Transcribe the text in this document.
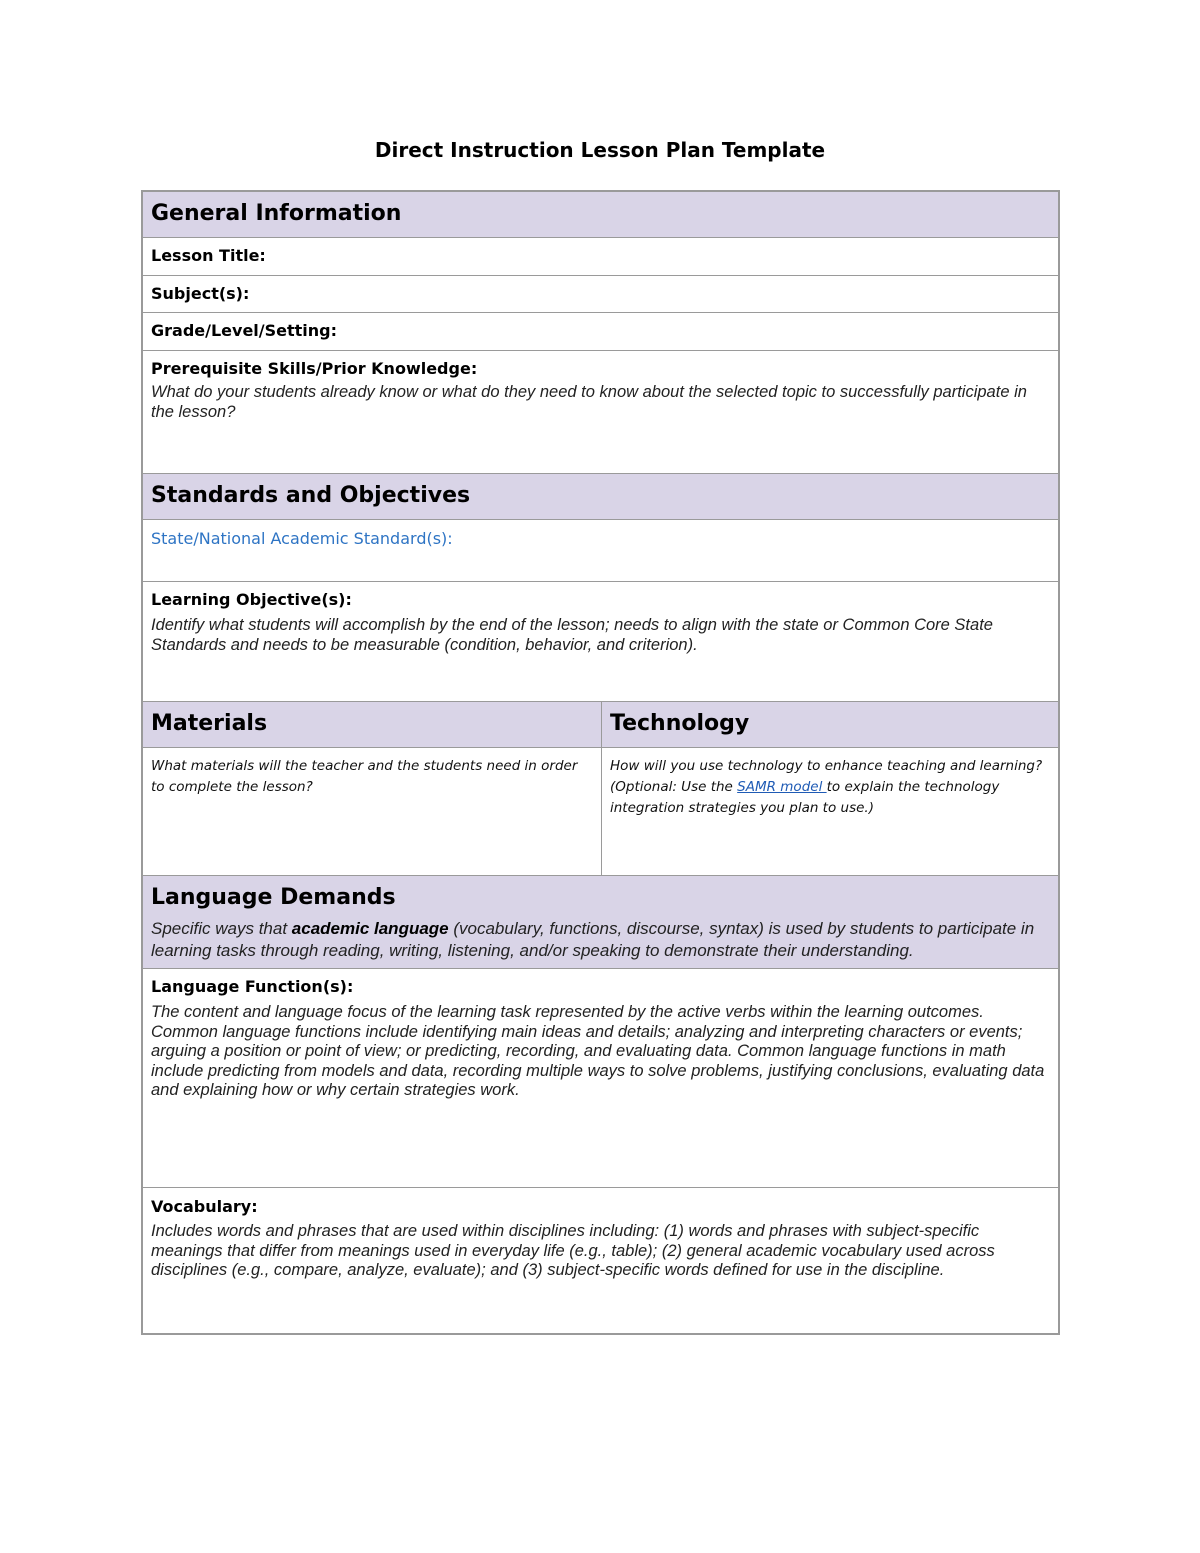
Direct Instruction Lesson Plan Template
General Information
Lesson Title:
Subject(s):
Grade/Level/Setting:
Prerequisite Skills/Prior Knowledge:
What do your students already know or what do they need to know about the selected topic to successfully participate in the lesson?
Standards and Objectives
State/National Academic Standard(s):
Learning Objective(s):
Identify what students will accomplish by the end of the lesson; needs to align with the state or Common Core State Standards and needs to be measurable (condition, behavior, and criterion).
Materials	Technology
What materials will the teacher and the students need in order to complete the lesson?
How will you use technology to enhance teaching and learning? (Optional: Use the SAMR model to explain the technology integration strategies you plan to use.)
Language Demands
Specific ways that academic language (vocabulary, functions, discourse, syntax) is used by students to participate in learning tasks through reading, writing, listening, and/or speaking to demonstrate their understanding.
Language Function(s):
The content and language focus of the learning task represented by the active verbs within the learning outcomes. Common language functions include identifying main ideas and details; analyzing and interpreting characters or events; arguing a position or point of view; or predicting, recording, and evaluating data. Common language functions in math include predicting from models and data, recording multiple ways to solve problems, justifying conclusions, evaluating data and explaining how or why certain strategies work.
Vocabulary:
Includes words and phrases that are used within disciplines including: (1) words and phrases with subject-specific meanings that differ from meanings used in everyday life (e.g., table); (2) general academic vocabulary used across disciplines (e.g., compare, analyze, evaluate); and (3) subject-specific words defined for use in the discipline.
